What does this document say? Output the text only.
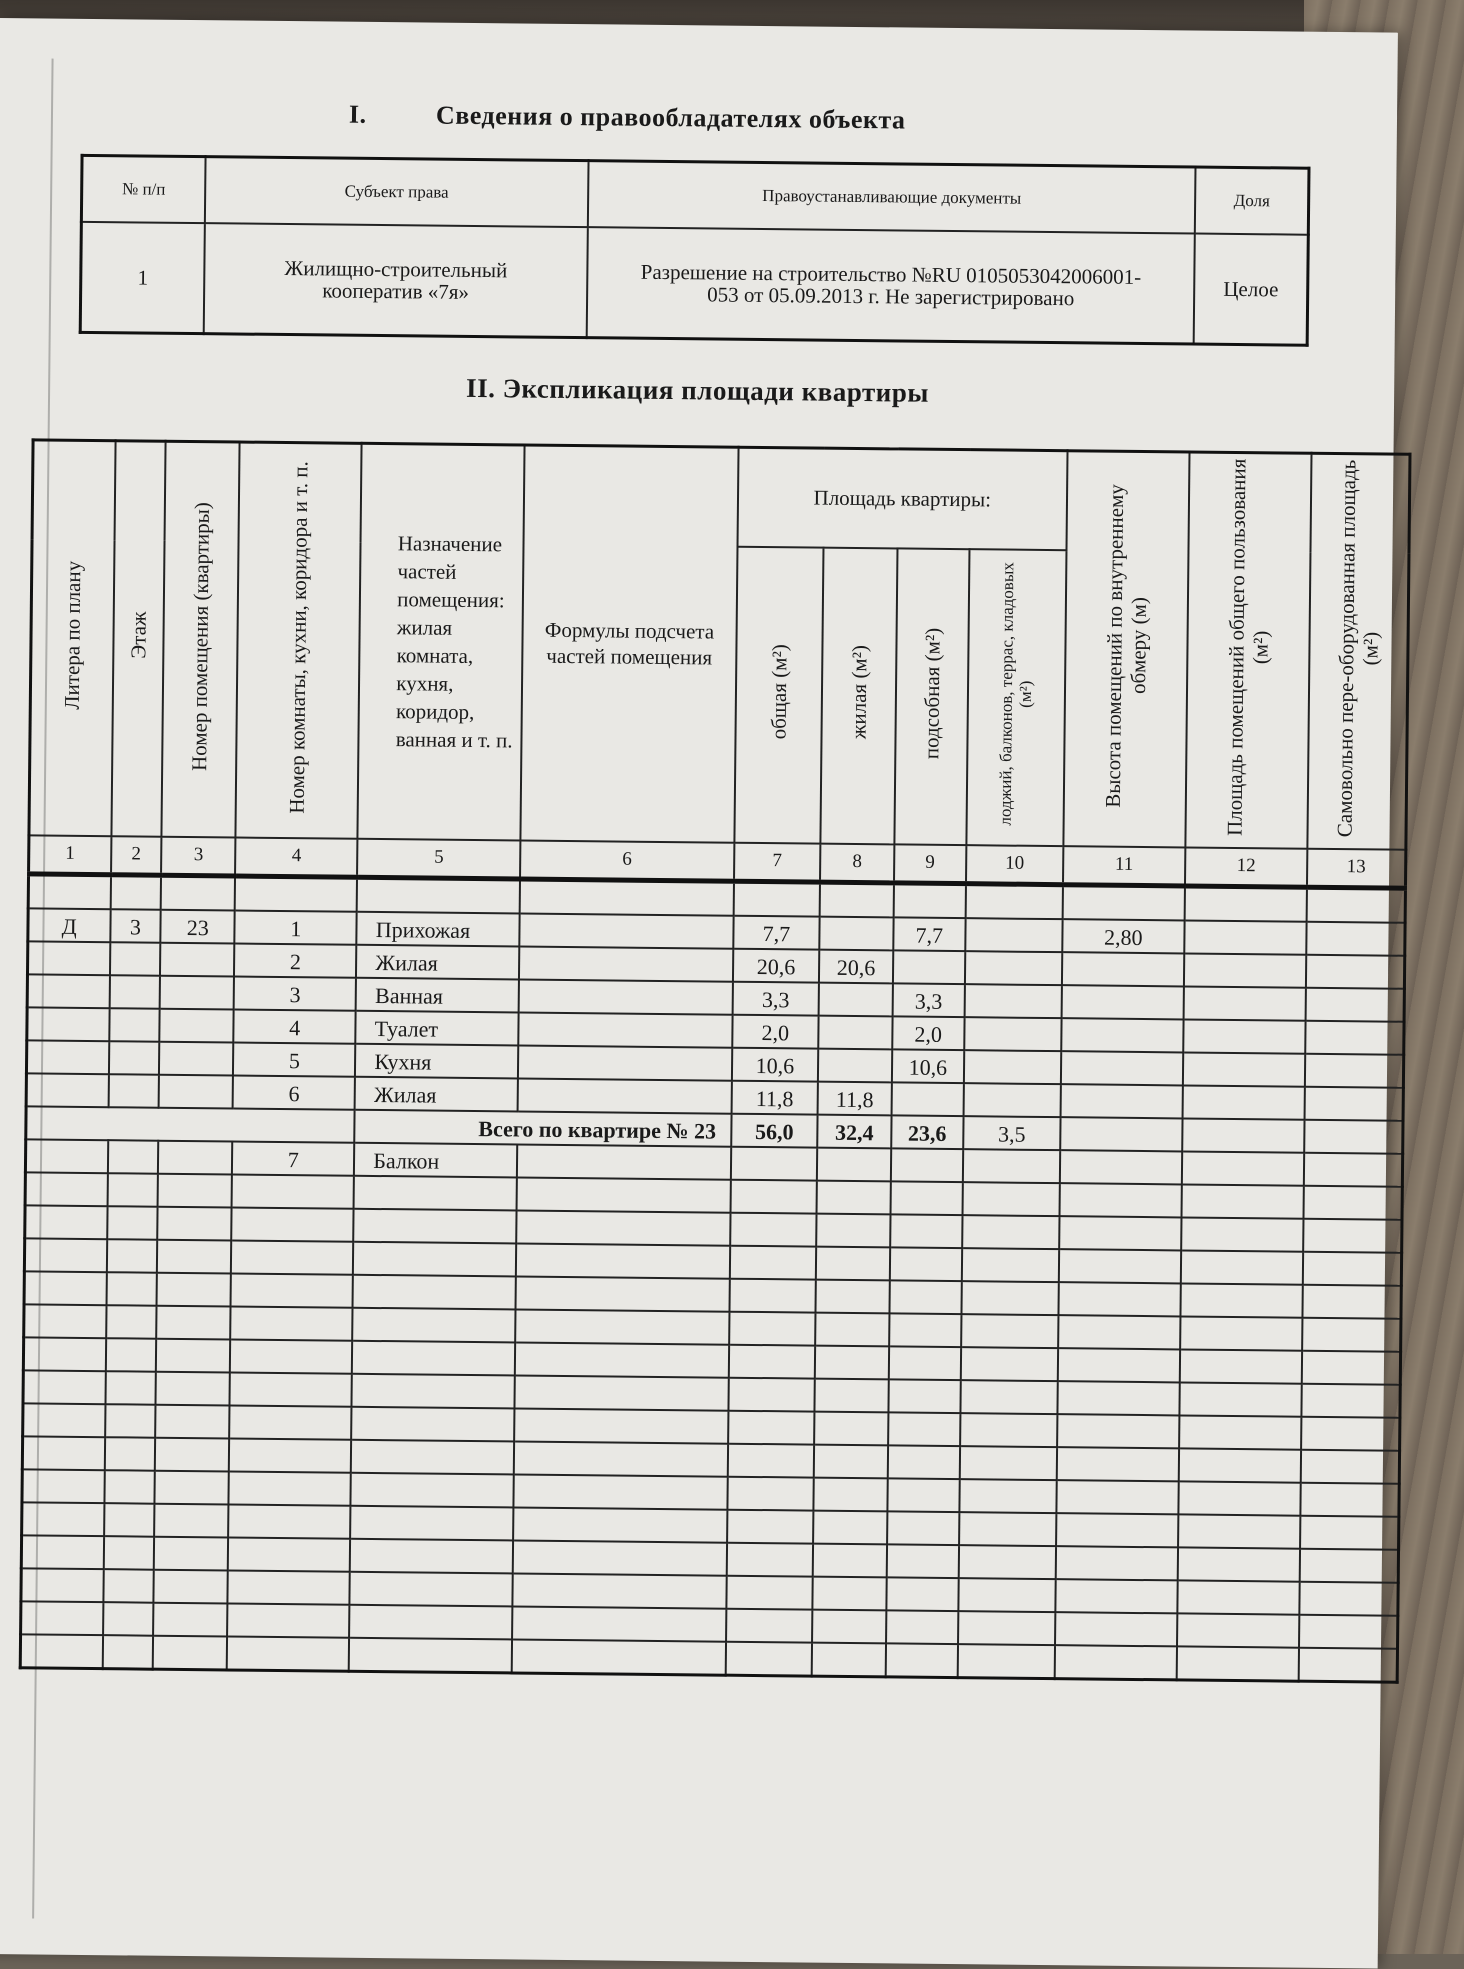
I.	Сведения о правообладателях объекта
№ п/п	Субъект права	Правоустанавливающие документы	Доля
1	Жилищно-строительный кооператив «7я»	Разрешение на строительство №RU 0105053042006001-053 от 05.09.2013 г. Не зарегистрировано	Целое
II. Экспликация площади квартиры
Литера по плану	Этаж	Номер помещения (квартиры)	Номер комнаты, кухни, коридора и т. п.	Назначение частей помещения: жилая комната, кухня, коридор, ванная и т. п.	Формулы подсчета частей помещения	Площадь квартиры:				Высота помещений по внутреннему обмеру (м)	Площадь помещений общего пользования (м²)	Самовольно пере-оборудованная площадь (м²)
						общая (м²)	жилая (м²)	подсобная (м²)	лоджий, балконов, террас, кладовых (м²)			
1	2	3	4	5	6	7	8	9	10	11	12	13

Д	3	23	1	Прихожая		7,7		7,7		2,80		
			2	Жилая		20,6	20,6					
			3	Ванная		3,3		3,3				
			4	Туалет		2,0		2,0				
			5	Кухня		10,6		10,6				
			6	Жилая		11,8	11,8					
				Всего по квартире № 23		56,0	32,4	23,6	3,5			
			7	Балкон								
